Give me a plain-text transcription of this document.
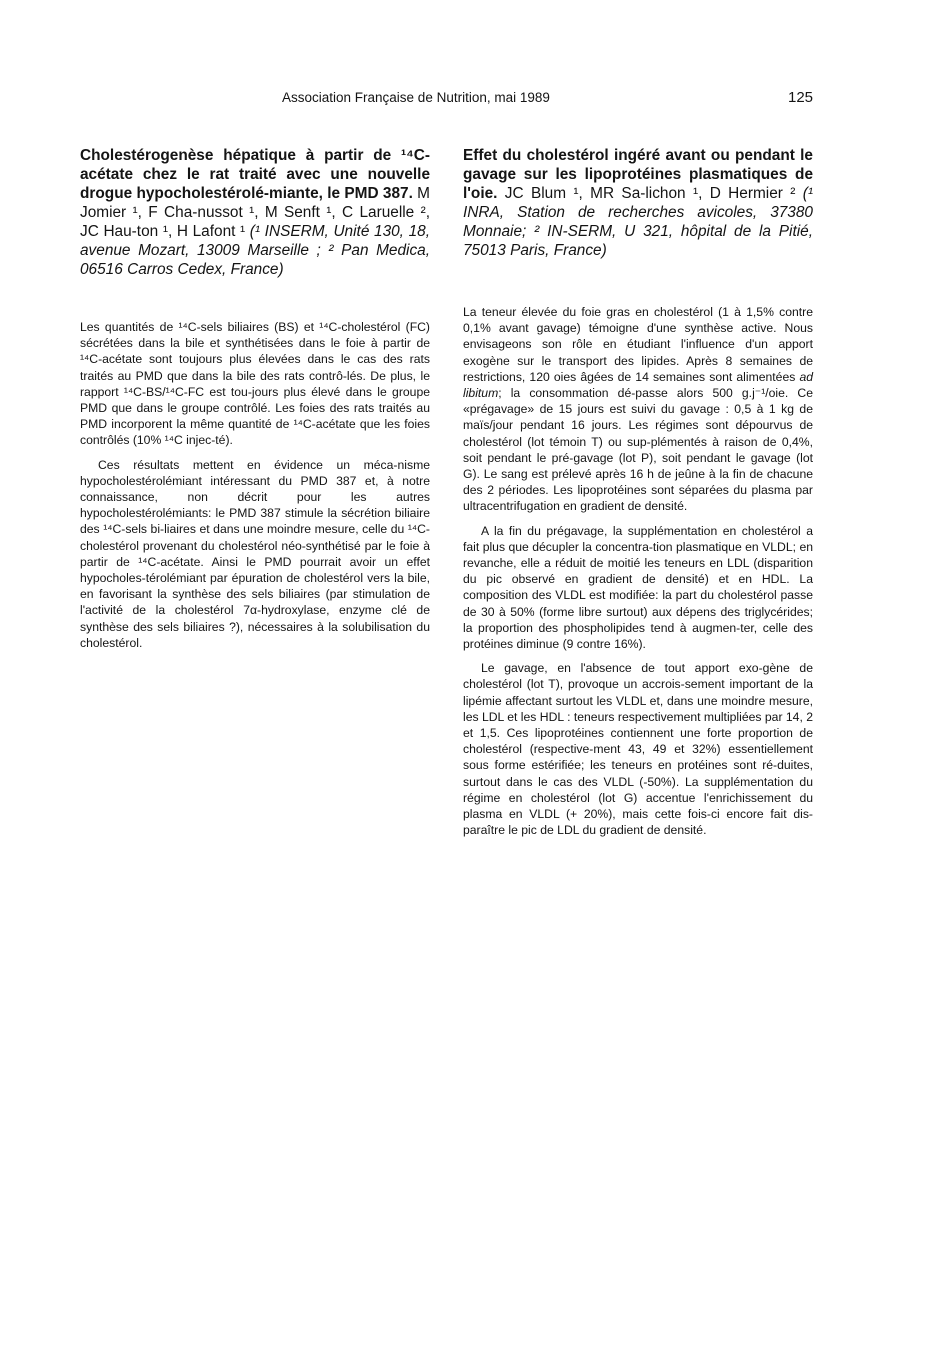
Association Française de Nutrition, mai 1989	125

Cholestérogenèse hépatique à partir de ¹⁴C-acétate chez le rat traité avec une nouvelle drogue hypocholestérolé-miante, le PMD 387. M Jomier ¹, F Cha-nussot ¹, M Senft ¹, C Laruelle ², JC Hau-ton ¹, H Lafont ¹ (¹ INSERM, Unité 130, 18, avenue Mozart, 13009 Marseille ; ² Pan Medica, 06516 Carros Cedex, France)

Les quantités de ¹⁴C-sels biliaires (BS) et ¹⁴C-cholestérol (FC) sécrétées dans la bile et synthétisées dans le foie à partir de ¹⁴C-acétate sont toujours plus élevées dans le cas des rats traités au PMD que dans la bile des rats contrô-lés. De plus, le rapport ¹⁴C-BS/¹⁴C-FC est tou-jours plus élevé dans le groupe PMD que dans le groupe contrôlé. Les foies des rats traités au PMD incorporent la même quantité de ¹⁴C-acétate que les foies contrôlés (10% ¹⁴C injec-té).

Ces résultats mettent en évidence un méca-nisme hypocholestérolémiant intéressant du PMD 387 et, à notre connaissance, non décrit pour les autres hypocholestérolémiants: le PMD 387 stimule la sécrétion biliaire des ¹⁴C-sels bi-liaires et dans une moindre mesure, celle du ¹⁴C-cholestérol provenant du cholestérol néo-synthétisé par le foie à partir de ¹⁴C-acétate. Ainsi le PMD pourrait avoir un effet hypocholes-térolémiant par épuration de cholestérol vers la bile, en favorisant la synthèse des sels biliaires (par stimulation de l'activité de la cholestérol 7α-hydroxylase, enzyme clé de synthèse des sels biliaires ?), nécessaires à la solubilisation du cholestérol.

Effet du cholestérol ingéré avant ou pendant le gavage sur les lipoprotéines plasmatiques de l'oie. JC Blum ¹, MR Sa-lichon ¹, D Hermier ² (¹ INRA, Station de recherches avicoles, 37380 Monnaie; ² IN-SERM, U 321, hôpital de la Pitié, 75013 Paris, France)

La teneur élevée du foie gras en cholestérol (1 à 1,5% contre 0,1% avant gavage) témoigne d'une synthèse active. Nous envisageons son rôle en étudiant l'influence d'un apport exogène sur le transport des lipides. Après 8 semaines de restrictions, 120 oies âgées de 14 semaines sont alimentées ad libitum; la consommation dé-passe alors 500 g.j⁻¹/oie. Ce «prégavage» de 15 jours est suivi du gavage : 0,5 à 1 kg de maïs/jour pendant 16 jours. Les régimes sont dépourvus de cholestérol (lot témoin T) ou sup-plémentés à raison de 0,4%, soit pendant le pré-gavage (lot P), soit pendant le gavage (lot G). Le sang est prélevé après 16 h de jeûne à la fin de chacune des 2 périodes. Les lipoprotéines sont séparées du plasma par ultracentrifugation en gradient de densité.

A la fin du prégavage, la supplémentation en cholestérol a fait plus que décupler la concentra-tion plasmatique en VLDL; en revanche, elle a réduit de moitié les teneurs en LDL (disparition du pic observé en gradient de densité) et en HDL. La composition des VLDL est modifiée: la part du cholestérol passe de 30 à 50% (forme libre surtout) aux dépens des triglycérides; la proportion des phospholipides tend à augmen-ter, celle des protéines diminue (9 contre 16%).

Le gavage, en l'absence de tout apport exo-gène de cholestérol (lot T), provoque un accrois-sement important de la lipémie affectant surtout les VLDL et, dans une moindre mesure, les LDL et les HDL : teneurs respectivement multipliées par 14, 2 et 1,5. Ces lipoprotéines contiennent une forte proportion de cholestérol (respective-ment 43, 49 et 32%) essentiellement sous forme estérifiée; les teneurs en protéines sont ré-duites, surtout dans le cas des VLDL (-50%). La supplémentation du régime en cholestérol (lot G) accentue l'enrichissement du plasma en VLDL (+ 20%), mais cette fois-ci encore fait dis-paraître le pic de LDL du gradient de densité.
